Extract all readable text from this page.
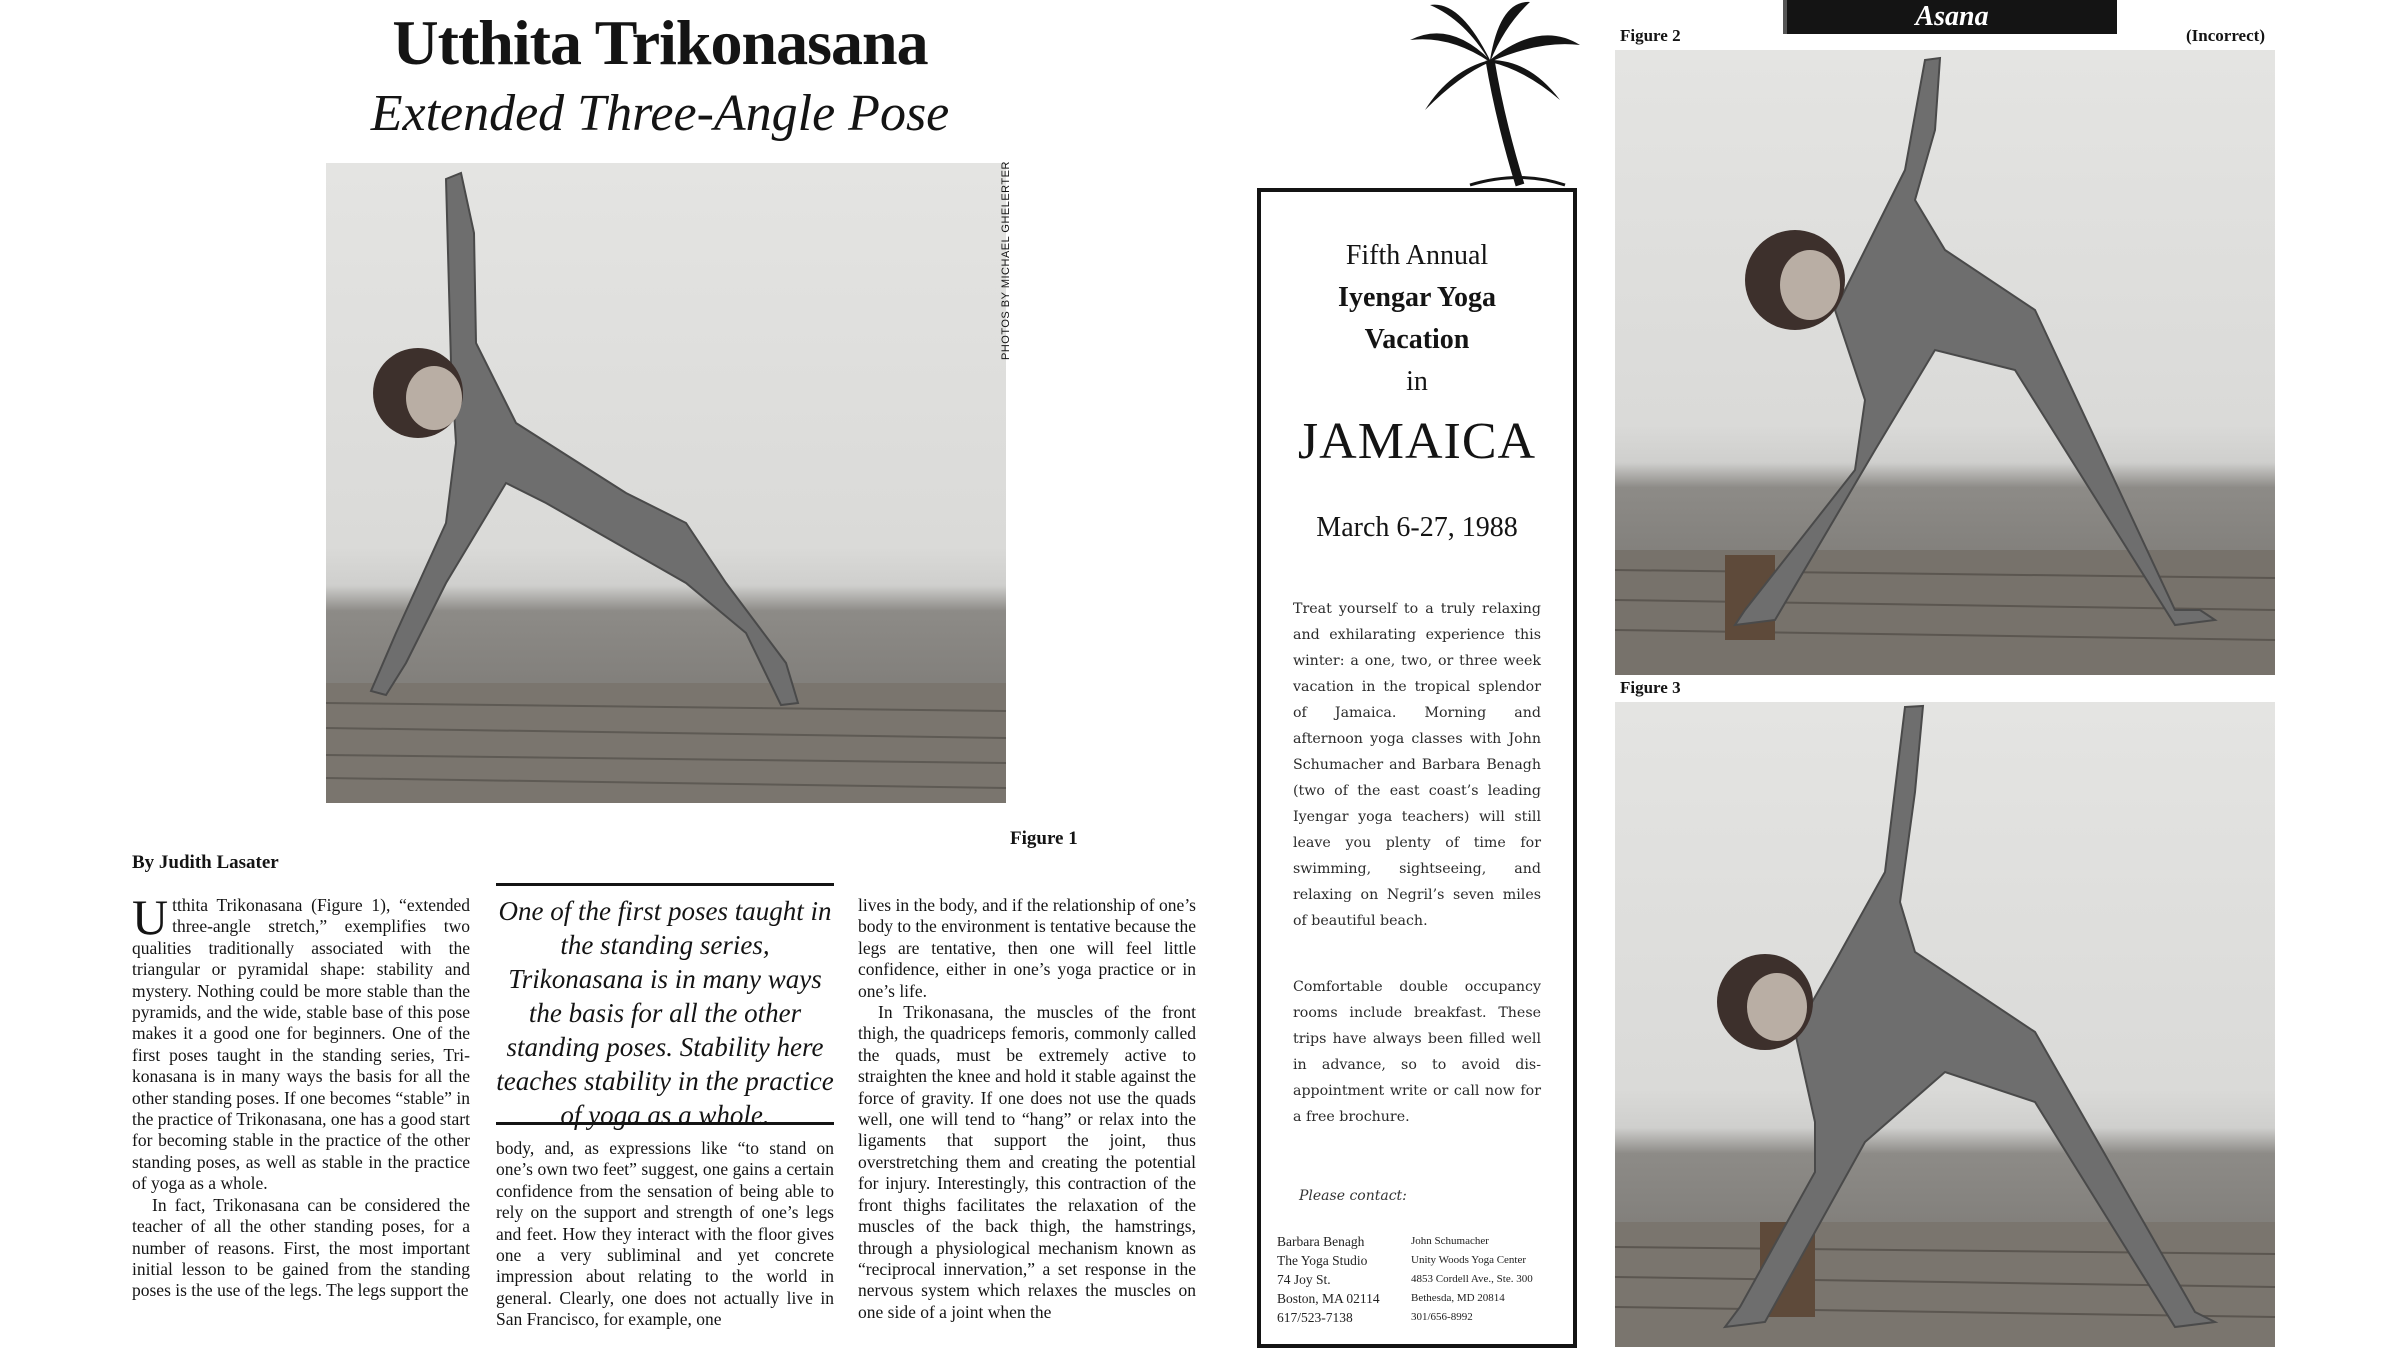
Utthita Trikonasana
Extended Three-Angle Pose
PHOTOS BY MICHAEL GHELERTER
Figure 1
By Judith Lasater

Utthita Trikonasana (Figure 1), “extended three-angle stretch,” exemplifies two qualities traditionally associated with the triangular or pyramidal shape: stability and mystery. Nothing could be more stable than the pyramids, and the wide, stable base of this pose makes it a good one for beginners. One of the first poses taught in the standing series, Trikonasana is in many ways the basis for all the other standing poses. If one becomes “stable” in the practice of Trikonasana, one has a good start for becoming stable in the practice of the other standing poses, as well as stable in the practice of yoga as a whole.

In fact, Trikonasana can be considered the teacher of all the other standing poses, for a number of reasons. First, the most important initial lesson to be gained from the standing poses is the use of the legs. The legs support the

One of the first poses taught in the standing series, Trikonasana is in many ways the basis for all the other standing poses. Stability here teaches stability in the practice of yoga as a whole.

body, and, as expressions like “to stand on one’s own two feet” suggest, one gains a certain confidence from the sensation of being able to rely on the support and strength of one’s legs and feet. How they interact with the floor gives one a very subliminal and yet concrete impression about relating to the world in general. Clearly, one does not actually live in San Francisco, for example, one

lives in the body, and if the relationship of one’s body to the environment is tentative because the legs are tentative, then one will feel little confidence, either in one’s yoga practice or in one’s life.

In Trikonasana, the muscles of the front thigh, the quadriceps femoris, commonly called the quads, must be extremely active to straighten the knee and hold it stable against the force of gravity. If one does not use the quads well, one will tend to “hang” or relax into the ligaments that support the joint, thus overstretching them and creating the potential for injury. Interestingly, this contraction of the front thighs facilitates the relaxation of the muscles of the back thigh, the hamstrings, through a physiological mechanism known as “reciprocal innervation,” a set response in the nervous system which relaxes the muscles on one side of a joint when the

Fifth Annual
Iyengar Yoga
Vacation
in
JAMAICA
March 6-27, 1988
Treat yourself to a truly relaxing and exhilarating experience this winter: a one, two, or three week vacation in the tropical splendor of Jamaica. Morning and afternoon yoga classes with John Schumacher and Barbara Benagh (two of the east coast’s leading Iyengar yoga teachers) will still leave you plenty of time for swimming, sightseeing, and relaxing on Negril’s seven miles of beautiful beach.
Comfortable double occupancy rooms include breakfast. These trips have always been filled well in advance, so to avoid disappointment write or call now for a free brochure.
Please contact:
Barbara Benagh
The Yoga Studio
74 Joy St.
Boston, MA 02114
617/523-7138
John Schumacher
Unity Woods Yoga Center
4853 Cordell Ave., Ste. 300
Bethesda, MD 20814
301/656-8992
Asana
Figure 2	(Incorrect)
Figure 3
